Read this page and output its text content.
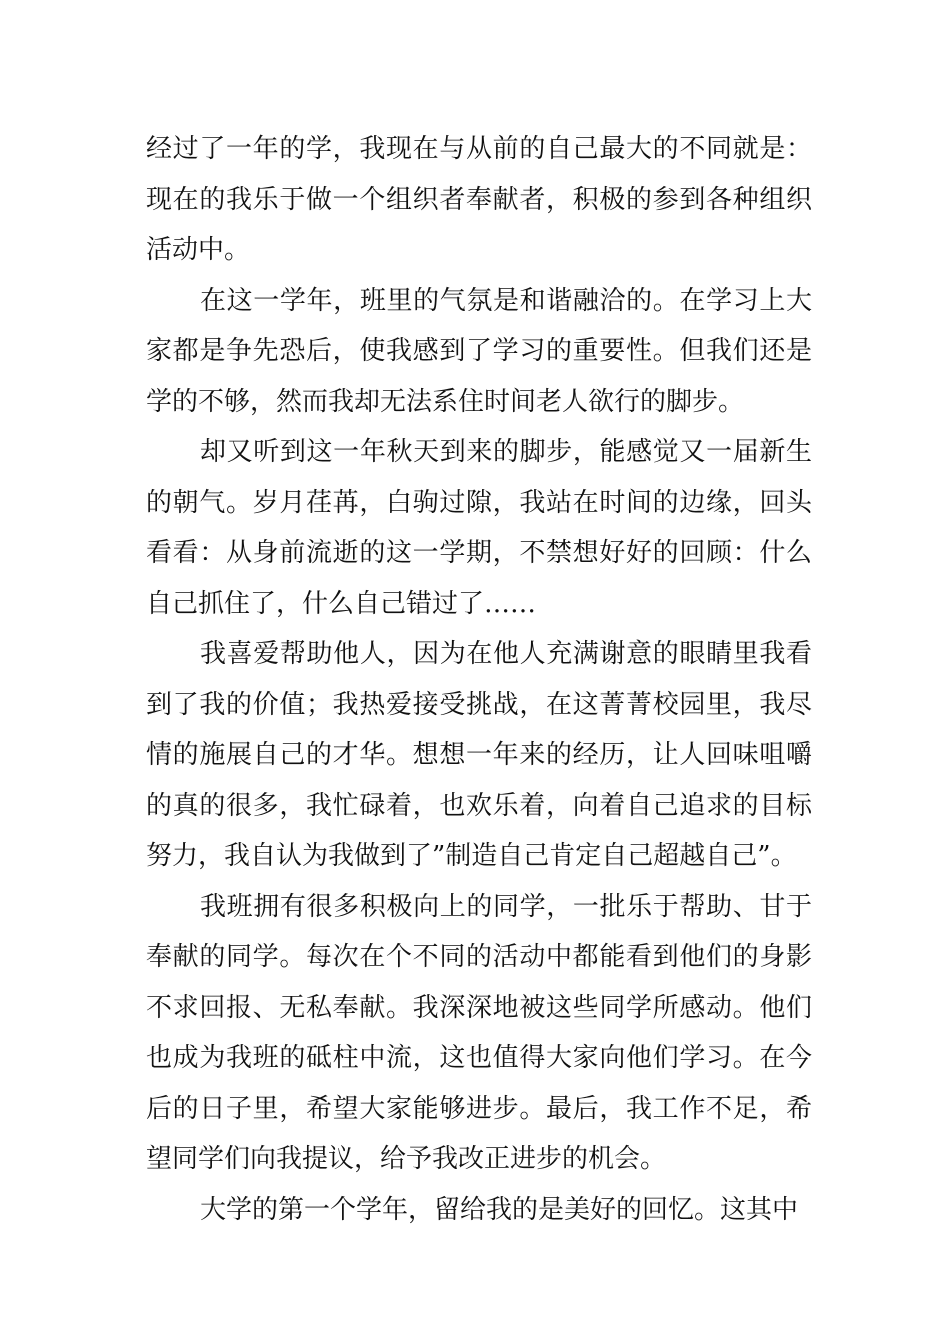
经过了一年的学，我现在与从前的自己最大的不同就是：现在的我乐于做一个组织者奉献者，积极的参到各种组织活动中。

在这一学年，班里的气氛是和谐融洽的。在学习上大家都是争先恐后，使我感到了学习的重要性。但我们还是学的不够，然而我却无法系住时间老人欲行的脚步。

却又听到这一年秋天到来的脚步，能感觉又一届新生的朝气。岁月荏苒，白驹过隙，我站在时间的边缘，回头看看：从身前流逝的这一学期，不禁想好好的回顾：什么自己抓住了，什么自己错过了……

我喜爱帮助他人，因为在他人充满谢意的眼睛里我看到了我的价值；我热爱接受挑战，在这菁菁校园里，我尽情的施展自己的才华。想想一年来的经历，让人回味咀嚼的真的很多，我忙碌着，也欢乐着，向着自己追求的目标努力，我自认为我做到了”制造自己肯定自己超越自己”。

我班拥有很多积极向上的同学，一批乐于帮助、甘于奉献的同学。每次在个不同的活动中都能看到他们的身影不求回报、无私奉献。我深深地被这些同学所感动。他们也成为我班的砥柱中流，这也值得大家向他们学习。在今后的日子里，希望大家能够进步。最后，我工作不足，希望同学们向我提议，给予我改正进步的机会。

大学的第一个学年，留给我的是美好的回忆。这其中
